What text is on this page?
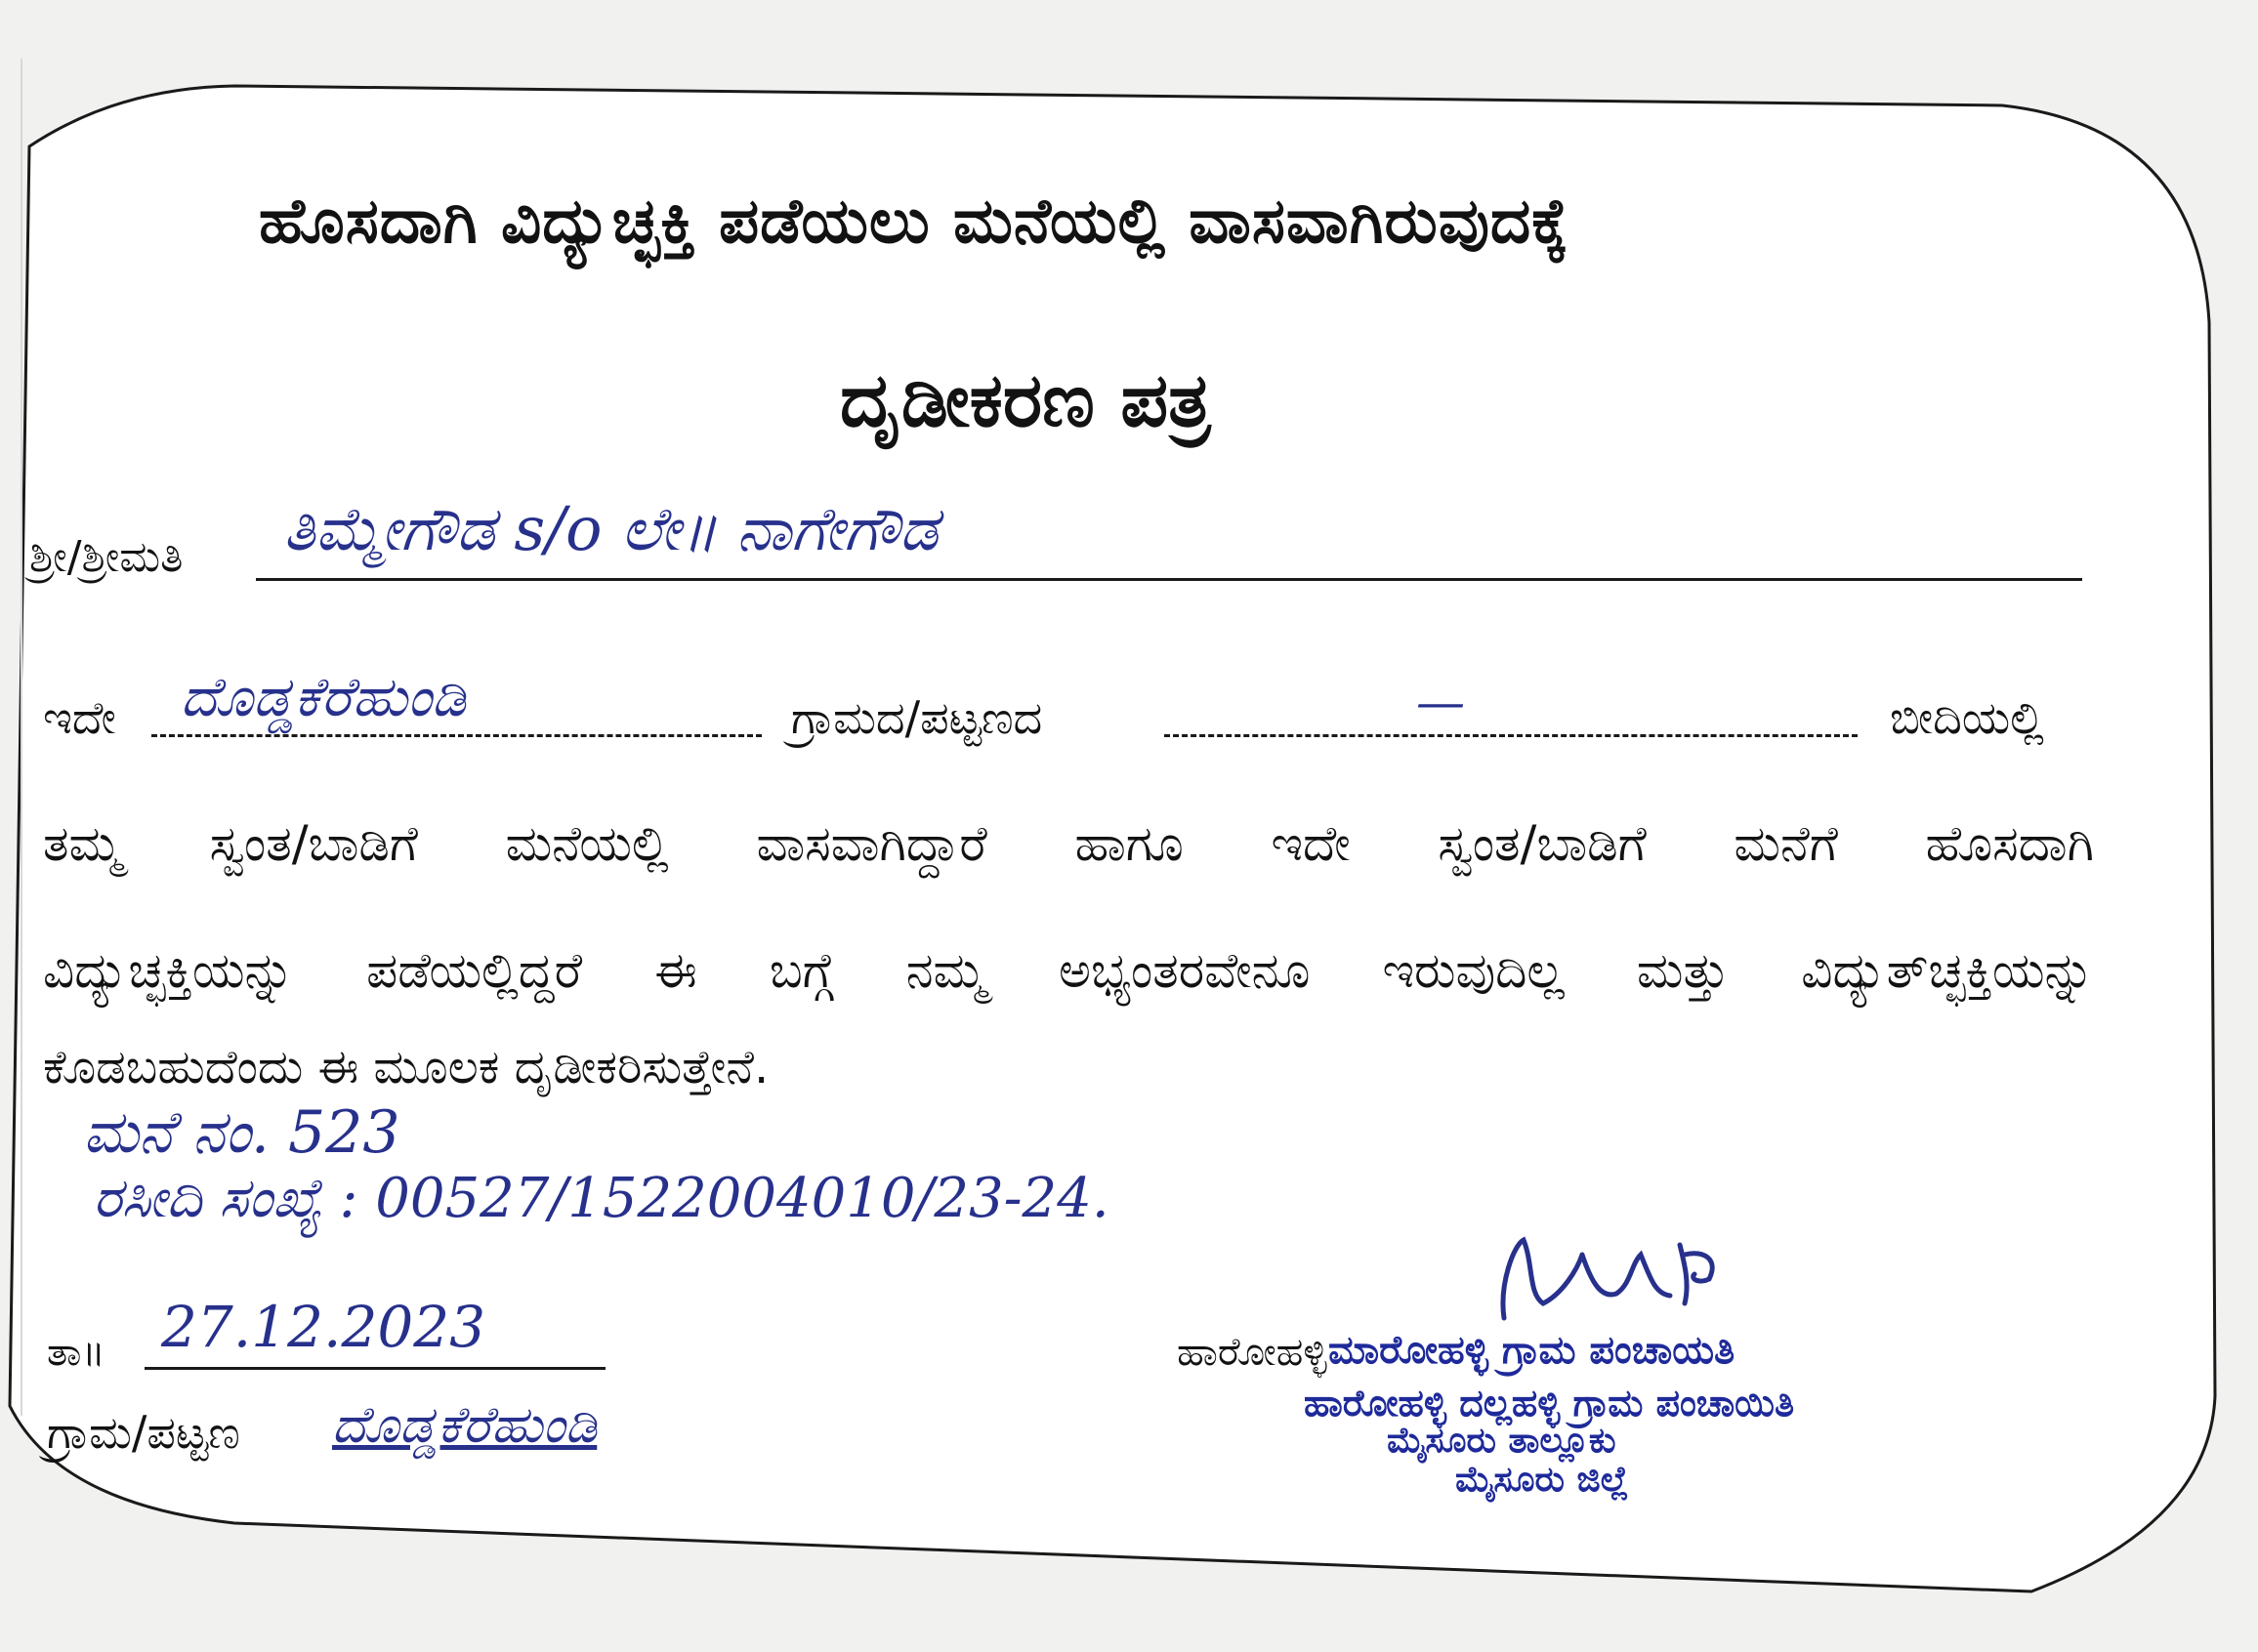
ಹೊಸದಾಗಿ ವಿದ್ಯುಚ್ಛಕ್ತಿ ಪಡೆಯಲು ಮನೆಯಲ್ಲಿ ವಾಸವಾಗಿರುವುದಕ್ಕೆ
ದೃಡೀಕರಣ ಪತ್ರ
ಶ್ರೀ/ಶ್ರೀಮತಿ ತಿಮ್ಮೇಗೌಡ s/o ಲೇ॥ ನಾಗೇಗೌಡ
ಇದೇ ದೊಡ್ಡಕೆರೆಹುಂಡಿ	ಗ್ರಾಮದ/ಪಟ್ಟಣದ	—	ಬೀದಿಯಲ್ಲಿ
ತಮ್ಮ ಸ್ವಂತ/ಬಾಡಿಗೆ ಮನೆಯಲ್ಲಿ ವಾಸವಾಗಿದ್ದಾರೆ ಹಾಗೂ ಇದೇ ಸ್ವಂತ/ಬಾಡಿಗೆ ಮನೆಗೆ ಹೊಸದಾಗಿ
ವಿದ್ಯುಚ್ಛಕ್ತಿಯನ್ನು ಪಡೆಯಲ್ಲಿದ್ದರೆ ಈ ಬಗ್ಗೆ ನಮ್ಮ ಅಭ್ಯಂತರವೇನೂ ಇರುವುದಿಲ್ಲ ಮತ್ತು ವಿದ್ಯುತ್‌ಚ್ಛಕ್ತಿಯನ್ನು
ಕೊಡಬಹುದೆಂದು ಈ ಮೂಲಕ ದೃಡೀಕರಿಸುತ್ತೇನೆ.
ಮನೆ ನಂ. 523
ರಸೀದಿ ಸಂಖ್ಯೆ : 00527/1522004010/23-24.
ತಾ॥ 27.12.2023
ಗ್ರಾಮ/ಪಟ್ಟಣ ದೊಡ್ಡಕೆರೆಹುಂಡಿ
ಹಾರೋಹಳ್ಳಿ ಮಾರೋಹಳ್ಳಿ ಗ್ರಾಮ ಪಂಚಾಯತಿ
ಹಾರೋಹಳ್ಳಿ ದಲ್ಲಹಳ್ಳಿ ಗ್ರಾಮ ಪಂಚಾಯಿತಿ
ಮೈಸೂರು ತಾಲ್ಲೂಕು
ಮೈಸೂರು ಜಿಲ್ಲೆ
